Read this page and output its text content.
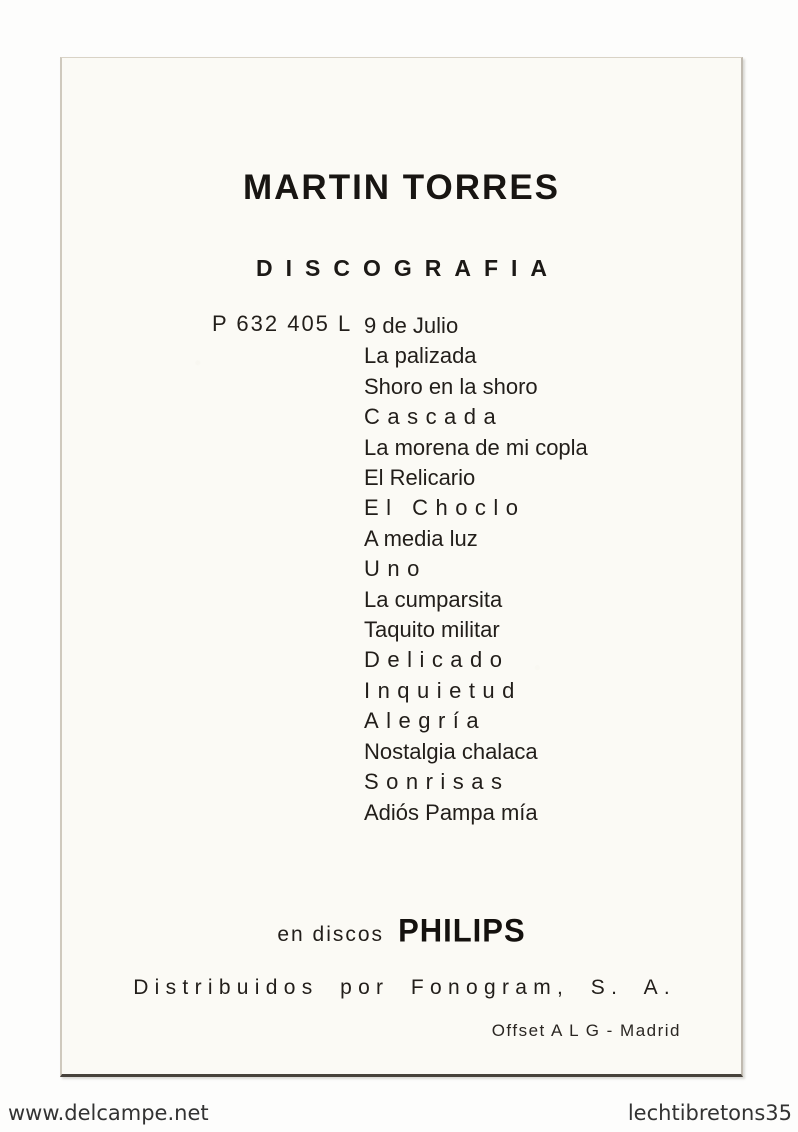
MARTIN TORRES
DISCOGRAFIA
P 632 405 L 9 de Julio
La palizada
Shoro en la shoro
Cascada
La morena de mi copla
El Relicario
El Choclo
A media luz
Uno
La cumparsita
Taquito militar
Delicado
Inquietud
Alegría
Nostalgia chalaca
Sonrisas
Adiós Pampa mía
en discos PHILIPS
Distribuidos por Fonogram, S. A.
Offset A L G - Madrid
www.delcampe.net	lechtibretons35
